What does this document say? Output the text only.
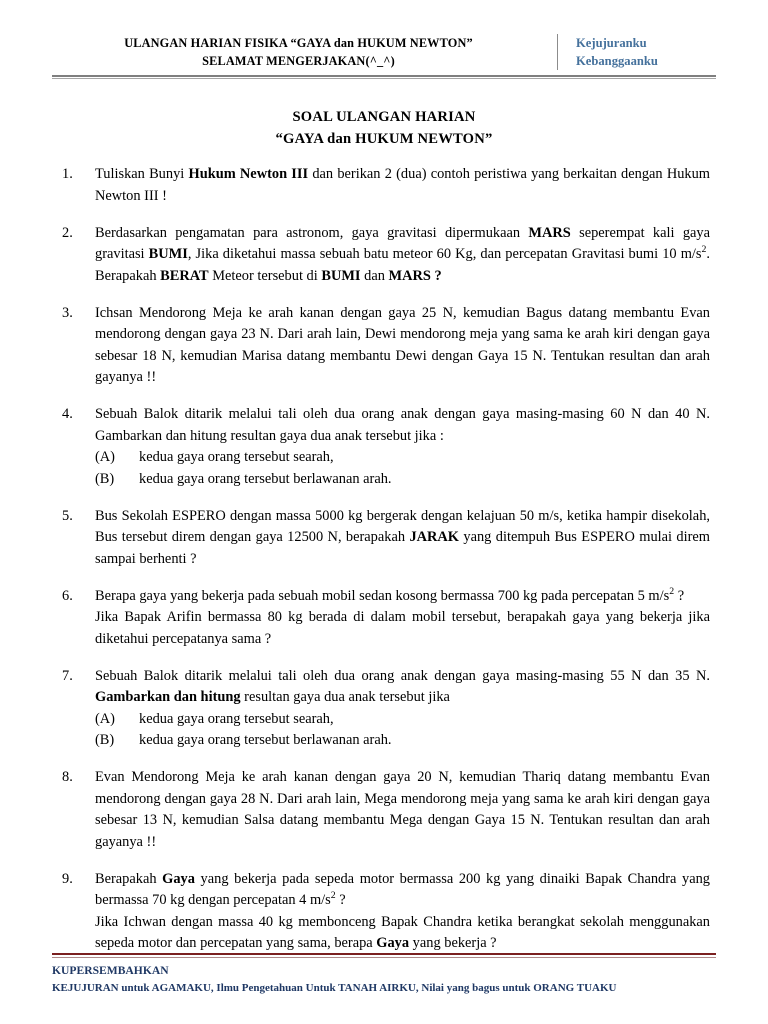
ULANGAN HARIAN FISIKA “GAYA dan HUKUM NEWTON”
SELAMAT MENGERJAKAN(^_^)
Kejujuranku
Kebanggaanku
SOAL ULANGAN HARIAN
“GAYA dan HUKUM NEWTON”
1.	Tuliskan Bunyi Hukum Newton III dan berikan 2 (dua) contoh peristiwa yang berkaitan dengan Hukum Newton III !

2.	Berdasarkan pengamatan para astronom, gaya gravitasi dipermukaan MARS seperempat kali gaya gravitasi BUMI, Jika diketahui massa sebuah batu meteor 60 Kg, dan percepatan Gravitasi bumi 10 $m/s^2$. Berapakah BERAT Meteor tersebut di BUMI dan MARS ?

3.	Ichsan Mendorong Meja ke arah kanan dengan gaya 25 N, kemudian Bagus datang membantu Evan mendorong dengan gaya 23 N. Dari arah lain, Dewi mendorong meja yang sama ke arah kiri dengan gaya sebesar 18 N, kemudian Marisa datang membantu Dewi dengan Gaya 15 N. Tentukan resultan dan arah gayanya !!

4.	Sebuah Balok ditarik melalui tali oleh dua orang anak dengan gaya masing-masing 60 N dan 40 N. Gambarkan dan hitung resultan gaya dua anak tersebut jika :

(A)	kedua gaya orang tersebut searah,
(B)	kedua gaya orang tersebut berlawanan arah.
5.	Bus Sekolah ESPERO dengan massa 5000 kg bergerak dengan kelajuan 50 m/s, ketika hampir disekolah, Bus tersebut direm dengan gaya 12500 N, berapakah JARAK yang ditempuh Bus ESPERO mulai direm sampai berhenti ?

6.	Berapa gaya yang bekerja pada sebuah mobil sedan kosong bermassa 700 kg pada percepatan 5 $m/s^2$ ?

Jika Bapak Arifin bermassa 80 kg berada di dalam mobil tersebut, berapakah gaya yang bekerja jika diketahui percepatanya sama ?

7.	Sebuah Balok ditarik melalui tali oleh dua orang anak dengan gaya masing-masing 55 N dan 35 N. Gambarkan dan hitung resultan gaya dua anak tersebut jika

(A)	kedua gaya orang tersebut searah,
(B)	kedua gaya orang tersebut berlawanan arah.
8.	Evan Mendorong Meja ke arah kanan dengan gaya 20 N, kemudian Thariq datang membantu Evan mendorong dengan gaya 28 N. Dari arah lain, Mega mendorong meja yang sama ke arah kiri dengan gaya sebesar 13 N, kemudian Salsa datang membantu Mega dengan Gaya 15 N. Tentukan resultan dan arah gayanya !!

9.	Berapakah Gaya yang bekerja pada sepeda motor bermassa 200 kg yang dinaiki Bapak Chandra yang bermassa 70 kg dengan percepatan 4 $m/s^2$ ?

Jika Ichwan dengan massa 40 kg membonceng Bapak Chandra ketika berangkat sekolah menggunakan sepeda motor dan percepatan yang sama, berapa Gaya yang bekerja ?

KUPERSEMBAHKAN
KEJUJURAN untuk AGAMAKU, Ilmu Pengetahuan Untuk TANAH AIRKU, Nilai yang bagus untuk ORANG TUAKU
